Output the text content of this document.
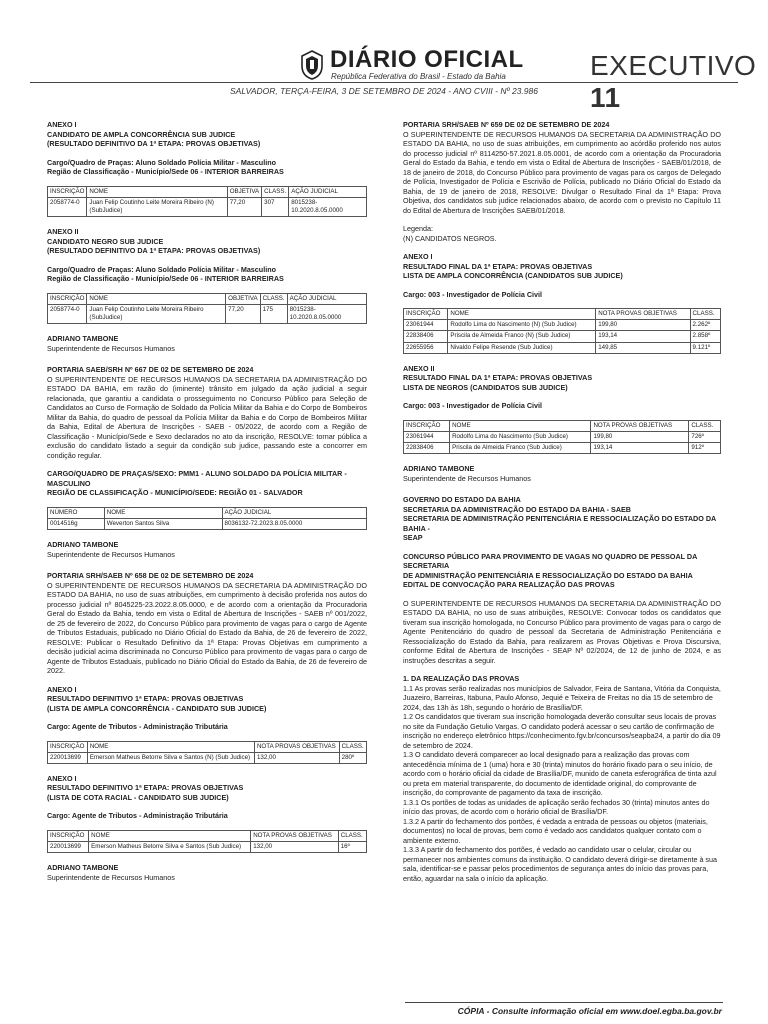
DIÁRIO OFICIAL
República Federativa do Brasil - Estado da Bahia	EXECUTIVO 11
SALVADOR, TERÇA-FEIRA, 3 DE SETEMBRO DE 2024 - ANO CVIII - Nº 23.986
ANEXO I
CANDIDATO DE AMPLA CONCORRÊNCIA SUB JUDICE
(RESULTADO DEFINITIVO DA 1ª ETAPA: PROVAS OBJETIVAS)
Cargo/Quadro de Praças: Aluno Soldado Polícia Militar - Masculino
Região de Classificação - Município/Sede 06 - INTERIOR BARREIRAS
INSCRIÇÃO	NOME	OBJETIVA	CLASS.	AÇÃO JUDICIAL
2058774-0	Juan Felip Coutinho Leite Moreira Ribeiro (N) (SubJudice)	77,20	307	8015238-10.2020.8.05.0000
ANEXO II
CANDIDATO NEGRO SUB JUDICE
(RESULTADO DEFINITIVO DA 1ª ETAPA: PROVAS OBJETIVAS)
Cargo/Quadro de Praças: Aluno Soldado Polícia Militar - Masculino
Região de Classificação - Município/Sede 06 - INTERIOR BARREIRAS
INSCRIÇÃO	NOME	OBJETIVA	CLASS.	AÇÃO JUDICIAL
2058774-0	Juan Felip Coutinho Leite Moreira Ribeiro (SubJudice)	77,20	175	8015238-10.2020.8.05.0000
ADRIANO TAMBONE
Superintendente de Recursos Humanos
PORTARIA SAEB/SRH Nº 667 DE 02 DE SETEMBRO DE 2024

O SUPERINTENDENTE DE RECURSOS HUMANOS DA SECRETARIA DA ADMINISTRAÇÃO DO ESTADO DA BAHIA, em razão do (iminente) trânsito em julgado da ação judicial a seguir relacionada, que garantiu a candidata o prosseguimento no Concurso Público para Seleção de Candidatos ao Curso de Formação de Soldado da Polícia Militar da Bahia e do Corpo de Bombeiros Militar da Bahia, do quadro de pessoal da Polícia Militar da Bahia e do Corpo de Bombeiros Militar da Bahia, Edital de Abertura de Inscrições - SAEB - 05/2022, de acordo com a Região de Classificação - Município/Sede e Sexo declarados no ato da inscrição, RESOLVE: tornar pública a exclusão do candidato listado a seguir da condição sub judice, passando este a concorrer em condição regular.

CARGO/QUADRO DE PRAÇAS/SEXO: PMM1 - ALUNO SOLDADO DA POLÍCIA MILITAR - MASCULINO
REGIÃO DE CLASSIFICAÇÃO - MUNICÍPIO/SEDE: REGIÃO 01 - SALVADOR
NÚMERO	NOME	AÇÃO JUDICIAL
0014516g	Weverton Santos Silva	8036132-72.2023.8.05.0000
ADRIANO TAMBONE
Superintendente de Recursos Humanos
PORTARIA SRH/SAEB Nº 658 DE 02 DE SETEMBRO DE 2024

O SUPERINTENDENTE DE RECURSOS HUMANOS DA SECRETARIA DA ADMINISTRAÇÃO DO ESTADO DA BAHIA, no uso de suas atribuições, em cumprimento à decisão proferida nos autos do processo judicial nº 8045225-23.2022.8.05.0000, e de acordo com a orientação da Procuradoria Geral do Estado da Bahia, tendo em vista o Edital de Abertura de Inscrições - SAEB nº 001/2022, de 25 de fevereiro de 2022, do Concurso Público para provimento de vagas para o cargo de Agente de Tributos Estaduais, publicado no Diário Oficial do Estado da Bahia, de 26 de fevereiro de 2022, RESOLVE: Publicar o Resultado Definitivo da 1ª Etapa: Provas Objetivas em cumprimento a decisão judicial acima discriminada no Concurso Público para provimento de vagas para o cargo de Agente de Tributos Estaduais, publicado no Diário Oficial do Estado da Bahia, de 26 de fevereiro de 2022.

ANEXO I
RESULTADO DEFINITIVO 1ª ETAPA: PROVAS OBJETIVAS
(LISTA DE AMPLA CONCORRÊNCIA - CANDIDATO SUB JUDICE)
Cargo: Agente de Tributos - Administração Tributária
INSCRIÇÃO	NOME	NOTA PROVAS OBJETIVAS	CLASS.
220013699	Emerson Matheus Betorre Silva e Santos (N) (Sub Judice)	132,00	280º
ANEXO I
RESULTADO DEFINITIVO 1ª ETAPA: PROVAS OBJETIVAS
(LISTA DE COTA RACIAL - CANDIDATO SUB JUDICE)
Cargo: Agente de Tributos - Administração Tributária
INSCRIÇÃO	NOME	NOTA PROVAS OBJETIVAS	CLASS.
220013699	Emerson Matheus Betorre Silva e Santos (Sub Judice)	132,00	16º
ADRIANO TAMBONE
Superintendente de Recursos Humanos
PORTARIA SRH/SAEB Nº 659 DE 02 DE SETEMBRO DE 2024

O SUPERINTENDENTE DE RECURSOS HUMANOS DA SECRETARIA DA ADMINISTRAÇÃO DO ESTADO DA BAHIA, no uso de suas atribuições, em cumprimento ao acórdão proferido nos autos do processo judicial nº 8114250-57.2021.8.05.0001, de acordo com a orientação da Procuradoria Geral do Estado da Bahia, e tendo em vista o Edital de Abertura de Inscrições - SAEB/01/2018, de 18 de janeiro de 2018, do Concurso Público para provimento de vagas para os cargos de Delegado de Polícia, Investigador de Polícia e Escrivão de Polícia, publicado no Diário Oficial do Estado da Bahia, de 19 de janeiro de 2018, RESOLVE: Divulgar o Resultado Final da 1ª Etapa: Prova Objetiva, dos candidatos sub judice relacionados abaixo, de acordo com o previsto no Capítulo 11 do Edital de Abertura de Inscrições SAEB/01/2018.

Legenda:
(N) CANDIDATOS NEGROS.
ANEXO I
RESULTADO FINAL DA 1ª ETAPA: PROVAS OBJETIVAS
LISTA DE AMPLA CONCORRÊNCIA (CANDIDATOS SUB JUDICE)
Cargo: 003 - Investigador de Polícia Civil
INSCRIÇÃO	NOME	NOTA PROVAS OBJETIVAS	CLASS.
23061944	Rodolfo Lima do Nascimento (N) (Sub Judice)	199,80	2.262º
22838406	Priscila de Almeida Franco (N) (Sub Judice)	193,14	2.858º
22655956	Nivaldo Felipe Resende (Sub Judice)	149,85	9.121º
ANEXO II
RESULTADO FINAL DA 1ª ETAPA: PROVAS OBJETIVAS
LISTA DE NEGROS (CANDIDATOS SUB JUDICE)
Cargo: 003 - Investigador de Polícia Civil
INSCRIÇÃO	NOME	NOTA PROVAS OBJETIVAS	CLASS.
23061944	Rodolfo Lima do Nascimento (Sub Judice)	199,80	726º
22838406	Priscila de Almeida Franco (Sub Judice)	193,14	912º
ADRIANO TAMBONE
Superintendente de Recursos Humanos
GOVERNO DO ESTADO DA BAHIA
SECRETARIA DA ADMINISTRAÇÃO DO ESTADO DA BAHIA - SAEB
SECRETARIA DE ADMINISTRAÇÃO PENITENCIÁRIA E RESSOCIALIZAÇÃO DO ESTADO DA BAHIA -
SEAP
CONCURSO PÚBLICO PARA PROVIMENTO DE VAGAS NO QUADRO DE PESSOAL DA SECRETARIA
DE ADMINISTRAÇÃO PENITENCIÁRIA E RESSOCIALIZAÇÃO DO ESTADO DA BAHIA
EDITAL DE CONVOCAÇÃO PARA REALIZAÇÃO DAS PROVAS

O SUPERINTENDENTE DE RECURSOS HUMANOS DA SECRETARIA DA ADMINISTRAÇÃO DO ESTADO DA BAHIA, no uso de suas atribuições, RESOLVE: Convocar todos os candidatos que tiveram sua inscrição homologada, no Concurso Público para provimento de vagas para o cargo de Agente Penitenciário do quadro de pessoal da Secretaria de Administração Penitenciária e Ressocialização do Estado da Bahia, para realizarem as Provas Objetivas e Prova Discursiva, conforme Edital de Abertura de Inscrições - SEAP Nº 02/2024, de 12 de junho de 2024, e as instruções descritas a seguir.

1. DA REALIZAÇÃO DAS PROVAS
1.1 As provas serão realizadas nos municípios de Salvador, Feira de Santana, Vitória da Conquista, Juazeiro, Barreiras, Itabuna, Paulo Afonso, Jequié e Teixeira de Freitas no dia 15 de setembro de 2024, das 13h às 18h, segundo o horário de Brasília/DF.
1.2 Os candidatos que tiveram sua inscrição homologada deverão consultar seus locais de provas no site da Fundação Getulio Vargas. O candidato poderá acessar o seu cartão de confirmação de inscrição no endereço eletrônico https://conhecimento.fgv.br/concursos/seapba24, a partir do dia 09 de setembro de 2024.
1.3 O candidato deverá comparecer ao local designado para a realização das provas com antecedência mínima de 1 (uma) hora e 30 (trinta) minutos do horário fixado para o seu início, de acordo com o horário oficial da cidade de Brasília/DF, munido de caneta esferográfica de tinta azul ou preta em material transparente, do documento de identidade original, do comprovante de inscrição, do comprovante de pagamento da taxa de inscrição.
1.3.1 Os portões de todas as unidades de aplicação serão fechados 30 (trinta) minutos antes do início das provas, de acordo com o horário oficial de Brasília/DF.
1.3.2 A partir do fechamento dos portões, é vedada a entrada de pessoas ou objetos (materiais, documentos) no local de provas, bem como é vedado aos candidatos qualquer contato com o ambiente externo.
1.3.3 A partir do fechamento dos portões, é vedado ao candidato usar o celular, circular ou permanecer nos ambientes comuns da instituição. O candidato deverá dirigir-se diretamente à sua sala, identificar-se e passar pelos procedimentos de segurança antes do início das provas para, então, aguardar na sala o início da aplicação.
CÓPIA - Consulte informação oficial em www.doel.egba.ba.gov.br
